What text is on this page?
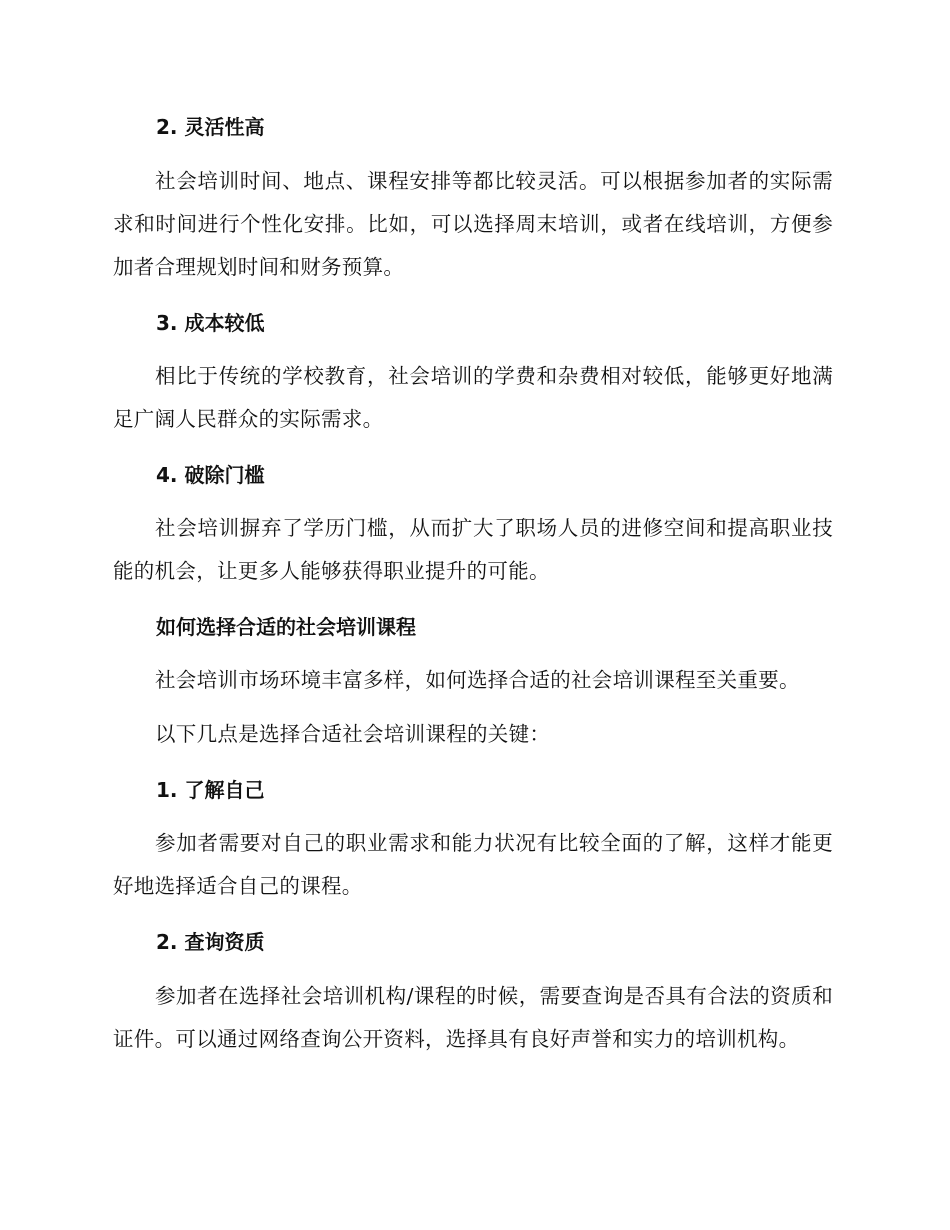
2. 灵活性高

社会培训时间、地点、课程安排等都比较灵活。可以根据参加者的实际需求和时间进行个性化安排。比如，可以选择周末培训，或者在线培训，方便参加者合理规划时间和财务预算。

3. 成本较低

相比于传统的学校教育，社会培训的学费和杂费相对较低，能够更好地满足广阔人民群众的实际需求。

4. 破除门槛

社会培训摒弃了学历门槛，从而扩大了职场人员的进修空间和提高职业技能的机会，让更多人能够获得职业提升的可能。

如何选择合适的社会培训课程

社会培训市场环境丰富多样，如何选择合适的社会培训课程至关重要。

以下几点是选择合适社会培训课程的关键：

1. 了解自己

参加者需要对自己的职业需求和能力状况有比较全面的了解，这样才能更好地选择适合自己的课程。

2. 查询资质

参加者在选择社会培训机构/课程的时候，需要查询是否具有合法的资质和证件。可以通过网络查询公开资料，选择具有良好声誉和实力的培训机构。
